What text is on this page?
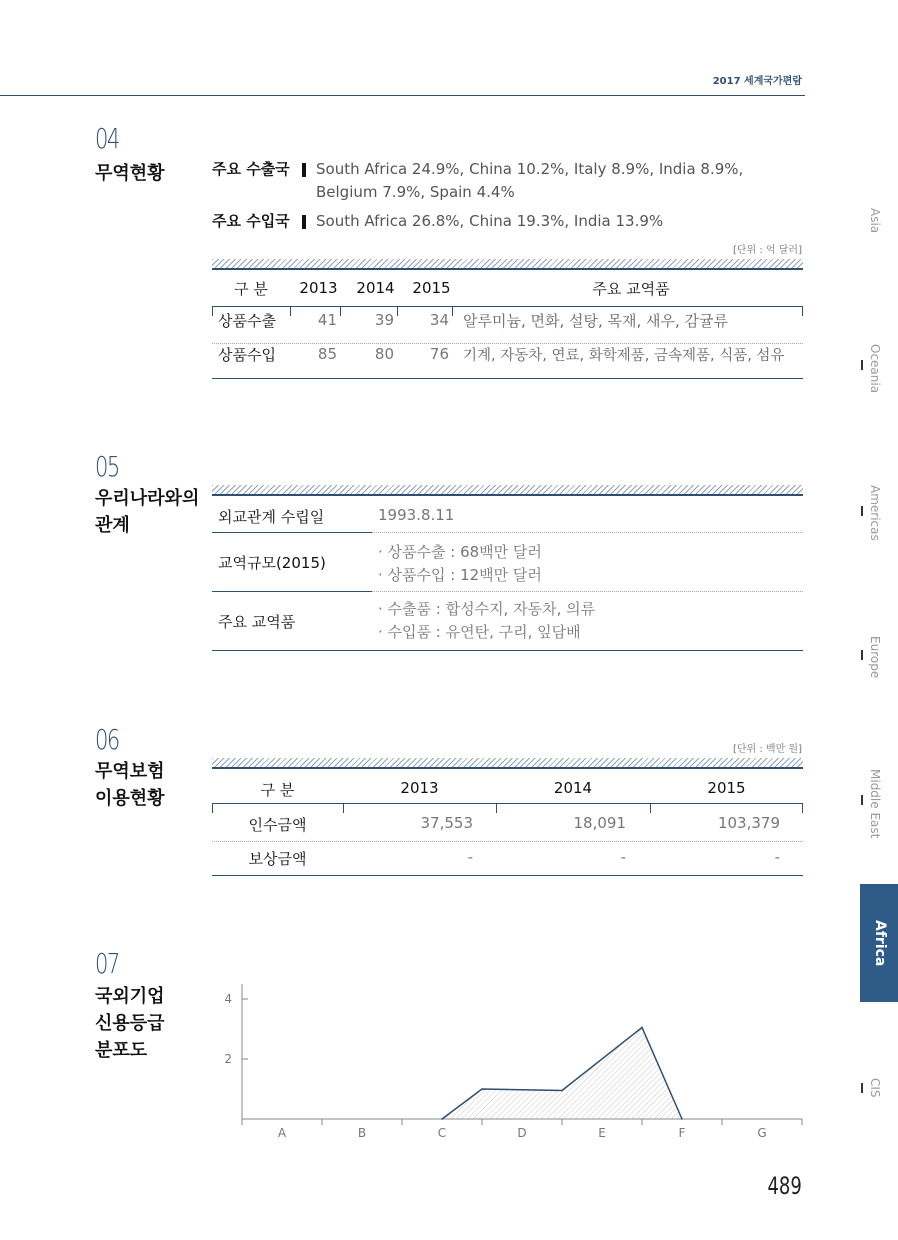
2017 세계국가편람
04
무역현황	주요 수출국	South Africa 24.9%, China 10.2%, Italy 8.9%, India 8.9%, Belgium 7.9%, Spain 4.4%
주요 수입국	South Africa 26.8%, China 19.3%, India 13.9%
[단위 : 억 달러]
구 분	2013	2014	2015	주요 교역품
상품수출	41	39	34	알루미늄, 면화, 설탕, 목재, 새우, 감귤류
상품수입	85	80	76	기계, 자동차, 연료, 화학제품, 금속제품, 식품, 섬유
05
우리나라와의
관계	외교관계 수립일	1993.8.11
교역규모(2015)
· 상품수출 : 68백만 달러
· 상품수입 : 12백만 달러
주요 교역품
· 수출품 : 합성수지, 자동차, 의류
· 수입품 : 유연탄, 구리, 잎담배
06
무역보험
이용현황
[단위 : 백만 원]
구 분	2013	2014	2015
인수금액	37,553	18,091	103,379
보상금액	-	-	-
07
국외기업
신용등급
분포도
A	B	C	D	E	F	G
2
4
Asia
Oceania
Americas
Europe
Middle East
Africa
CIS
489
